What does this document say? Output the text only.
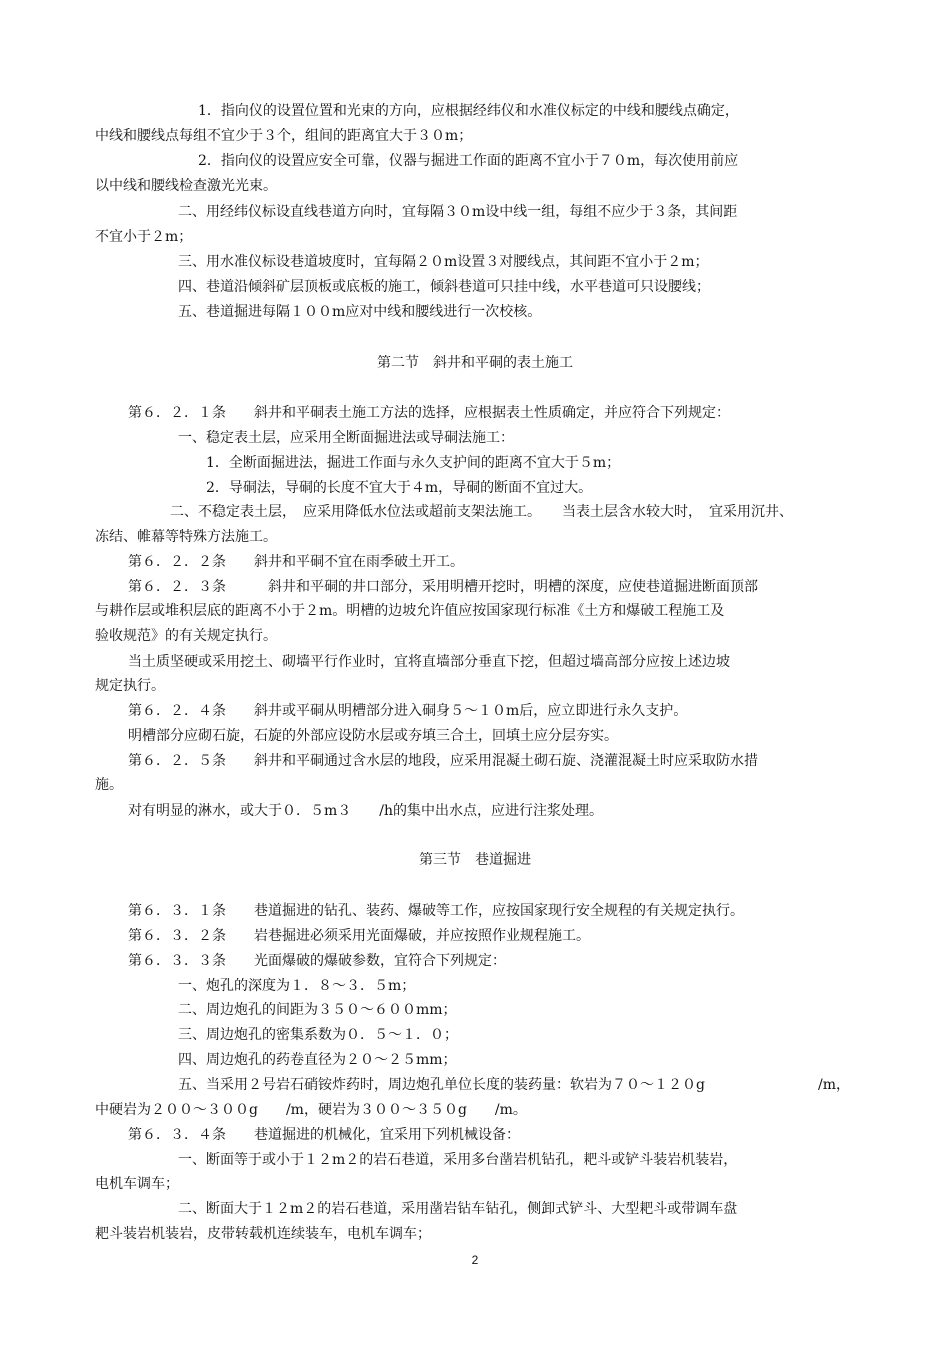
1．指向仪的设置位置和光束的方向，应根据经纬仪和水准仪标定的中线和腰线点确定，

中线和腰线点每组不宜少于３个，组间的距离宜大于３０m；

2．指向仪的设置应安全可靠，仪器与掘进工作面的距离不宜小于７０m，每次使用前应

以中线和腰线检查激光光束。

二、用经纬仪标设直线巷道方向时，宜每隔３０m设中线一组，每组不应少于３条，其间距

不宜小于２m；

三、用水准仪标设巷道坡度时，宜每隔２０m设置３对腰线点，其间距不宜小于２m；

四、巷道沿倾斜矿层顶板或底板的施工，倾斜巷道可只挂中线，水平巷道可只设腰线；

五、巷道掘进每隔１００m应对中线和腰线进行一次校核。

第二节　斜井和平硐的表土施工

第６．２．１条　　斜井和平硐表土施工方法的选择，应根据表土性质确定，并应符合下列规定：

一、稳定表土层，应采用全断面掘进法或导硐法施工：

1．全断面掘进法，掘进工作面与永久支护间的距离不宜大于５m；

2．导硐法，导硐的长度不宜大于４m，导硐的断面不宜过大。

二、不稳定表土层，　应采用降低水位法或超前支架法施工。　　当表土层含水较大时，　宜采用沉井、

冻结、帷幕等特殊方法施工。

第６．２．２条　　斜井和平硐不宜在雨季破土开工。

第６．２．３条　　　斜井和平硐的井口部分，采用明槽开挖时，明槽的深度，应使巷道掘进断面顶部

与耕作层或堆积层底的距离不小于２m。明槽的边坡允许值应按国家现行标准《土方和爆破工程施工及

验收规范》的有关规定执行。

当土质坚硬或采用挖土、砌墙平行作业时，宜将直墙部分垂直下挖，但超过墙高部分应按上述边坡

规定执行。

第６．２．４条　　斜井或平硐从明槽部分进入硐身５～１０m后，应立即进行永久支护。

明槽部分应砌石旋，石旋的外部应设防水层或夯填三合土，回填土应分层夯实。

第６．２．５条　　斜井和平硐通过含水层的地段，应采用混凝土砌石旋、浇灌混凝土时应采取防水措

施。

对有明显的淋水，或大于０．５m３　　/h的集中出水点，应进行注浆处理。

第三节　巷道掘进

第６．３．１条　　巷道掘进的钻孔、装药、爆破等工作，应按国家现行安全规程的有关规定执行。

第６．３．２条　　岩巷掘进必须采用光面爆破，并应按照作业规程施工。

第６．３．３条　　光面爆破的爆破参数，宜符合下列规定：

一、炮孔的深度为１．８～３．５m；

二、周边炮孔的间距为３５０～６００mm；

三、周边炮孔的密集系数为０．５～１．０；

四、周边炮孔的药卷直径为２０～２５mm；

五、当采用２号岩石硝铵炸药时，周边炮孔单位长度的装药量：软岩为７０～１２０g	/m，

中硬岩为２００～３００g　　/m，硬岩为３００～３５０g　　/m。

第６．３．４条　　巷道掘进的机械化，宜采用下列机械设备：

一、断面等于或小于１２m２的岩石巷道，采用多台凿岩机钻孔，耙斗或铲斗装岩机装岩，

电机车调车；

二、断面大于１２m２的岩石巷道，采用凿岩钻车钻孔，侧卸式铲斗、大型耙斗或带调车盘

耙斗装岩机装岩，皮带转载机连续装车，电机车调车；

2
